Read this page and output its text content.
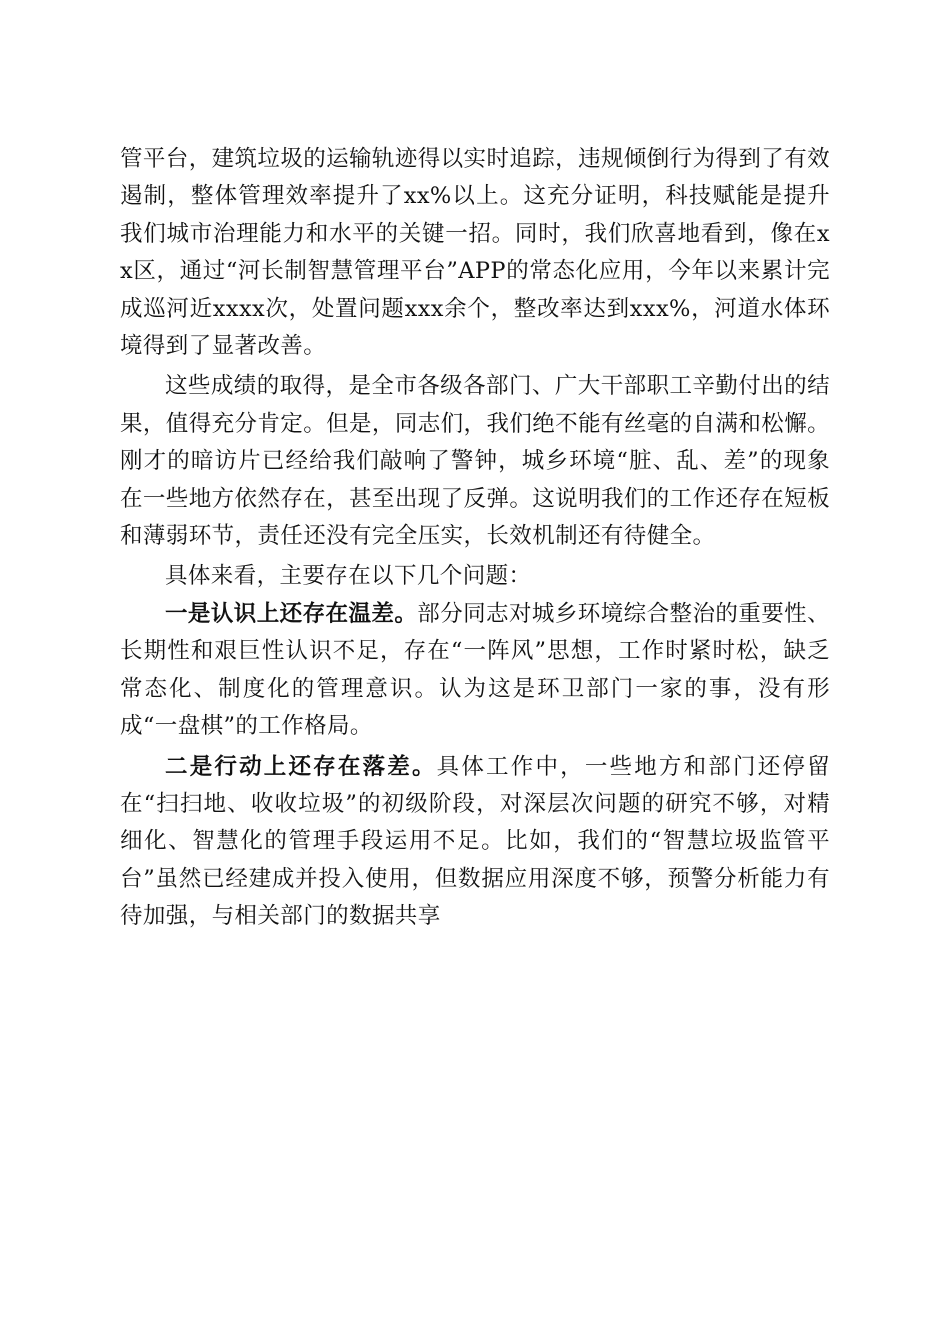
管平台，建筑垃圾的运输轨迹得以实时追踪，违规倾倒行为得到了有效遏制，整体管理效率提升了xx%以上。这充分证明，科技赋能是提升我们城市治理能力和水平的关键一招。同时，我们欣喜地看到，像在xx区，通过“河长制智慧管理平台”APP的常态化应用，今年以来累计完成巡河近xxxx次，处置问题xxx余个，整改率达到xxx%，河道水体环境得到了显著改善。

这些成绩的取得，是全市各级各部门、广大干部职工辛勤付出的结果，值得充分肯定。但是，同志们，我们绝不能有丝毫的自满和松懈。刚才的暗访片已经给我们敲响了警钟，城乡环境“脏、乱、差”的现象在一些地方依然存在，甚至出现了反弹。这说明我们的工作还存在短板和薄弱环节，责任还没有完全压实，长效机制还有待健全。

具体来看，主要存在以下几个问题：

一是认识上还存在温差。部分同志对城乡环境综合整治的重要性、长期性和艰巨性认识不足，存在“一阵风”思想，工作时紧时松，缺乏常态化、制度化的管理意识。认为这是环卫部门一家的事，没有形成“一盘棋”的工作格局。

二是行动上还存在落差。具体工作中，一些地方和部门还停留在“扫扫地、收收垃圾”的初级阶段，对深层次问题的研究不够，对精细化、智慧化的管理手段运用不足。比如，我们的“智慧垃圾监管平台”虽然已经建成并投入使用，但数据应用深度不够，预警分析能力有待加强，与相关部门的数据共享
